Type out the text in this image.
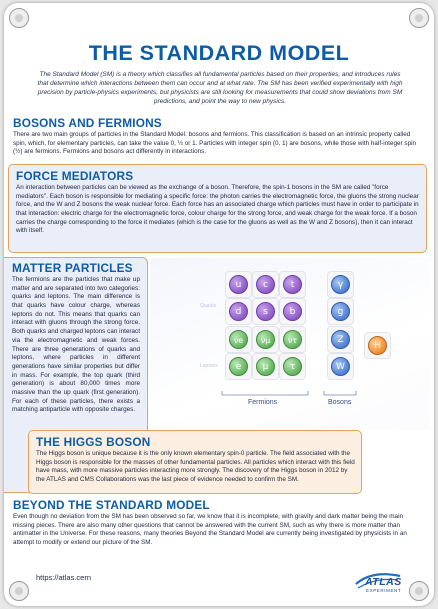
THE STANDARD MODEL

The Standard Model (SM) is a theory which classifies all fundamental particles based on their properties, and introduces rules that determine which interactions between them can occur and at what rate. The SM has been verified experimentally with high precision by particle-physics experiments, but physicists are still looking for measurements that could show deviations from SM predictions, and point the way to new physics.

BOSONS AND FERMIONS

There are two main groups of particles in the Standard Model: bosons and fermions. This classification is based on an intrinsic property called spin, which, for elementary particles, can take the value 0, ½ or 1. Particles with integer spin (0, 1) are bosons, while those with half-integer spin (½) are fermions. Fermions and bosons act differently in interactions.

FORCE MEDIATORS

An interaction between particles can be viewed as the exchange of a boson. Therefore, the spin-1 bosons in the SM are called "force mediators". Each boson is responsible for mediating a specific force: the photon carries the electromagnetic force, the gluons the strong nuclear force, and the W and Z bosons the weak nuclear force. Each force has an associated charge which particles must have in order to participate in that interaction: electric charge for the electromagnetic force, colour charge for the strong force, and weak charge for the weak force. If a boson carries the charge corresponding to the force it mediates (which is the case for the gluons as well as the W and Z bosons), then it can interact with itself.

MATTER PARTICLES

The fermions are the particles that make up matter and are separated into two categories: quarks and leptons. The main difference is that quarks have colour charge, whereas leptons do not. This means that quarks can interact with gluons through the strong force. Both quarks and charged leptons can interact via the electromagnetic and weak forces. There are three generations of quarks and leptons, where particles in different generations have similar properties but differ in mass. For example, the top quark (third generation) is about 80,000 times more massive than the up quark (first generation). For each of these particles, there exists a matching antiparticle with opposite charges.

Quarks
Leptons
u	c	t
d	s	b
νe	νμ	ντ
e	μ	τ
γ
g
Z
W
H
Fermions	Bosons
THE HIGGS BOSON

The Higgs boson is unique because it is the only known elementary spin-0 particle. The field associated with the Higgs boson is responsible for the masses of other fundamental particles. All particles which interact with this field have mass, with more massive particles interacting more strongly. The discovery of the Higgs boson in 2012 by the ATLAS and CMS Collaborations was the last piece of evidence needed to confirm the SM.

BEYOND THE STANDARD MODEL

Even though no deviation from the SM has been observed so far, we know that it is incomplete, with gravity and dark matter being the main missing pieces. There are also many other questions that cannot be answered with the current SM, such as why there is more matter than antimatter in the Universe. For these reasons, many theories Beyond the Standard Model are currently being investigated by physicists in an attempt to modify or extend our picture of the SM.

https://atlas.cern	ATLAS
EXPERIMENT
